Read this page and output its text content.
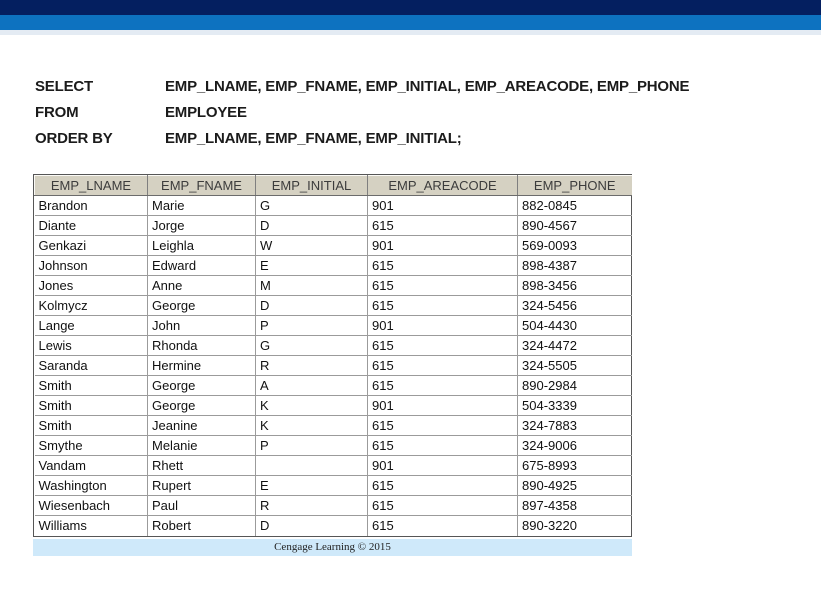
SELECT	EMP_LNAME, EMP_FNAME, EMP_INITIAL, EMP_AREACODE, EMP_PHONE
FROM	EMPLOYEE
ORDER BY	EMP_LNAME, EMP_FNAME, EMP_INITIAL;
EMP_LNAME	EMP_FNAME	EMP_INITIAL	EMP_AREACODE	EMP_PHONE
Brandon	Marie	G	901	882-0845
Diante	Jorge	D	615	890-4567
Genkazi	Leighla	W	901	569-0093
Johnson	Edward	E	615	898-4387
Jones	Anne	M	615	898-3456
Kolmycz	George	D	615	324-5456
Lange	John	P	901	504-4430
Lewis	Rhonda	G	615	324-4472
Saranda	Hermine	R	615	324-5505
Smith	George	A	615	890-2984
Smith	George	K	901	504-3339
Smith	Jeanine	K	615	324-7883
Smythe	Melanie	P	615	324-9006
Vandam	Rhett		901	675-8993
Washington	Rupert	E	615	890-4925
Wiesenbach	Paul	R	615	897-4358
Williams	Robert	D	615	890-3220
Cengage Learning © 2015
